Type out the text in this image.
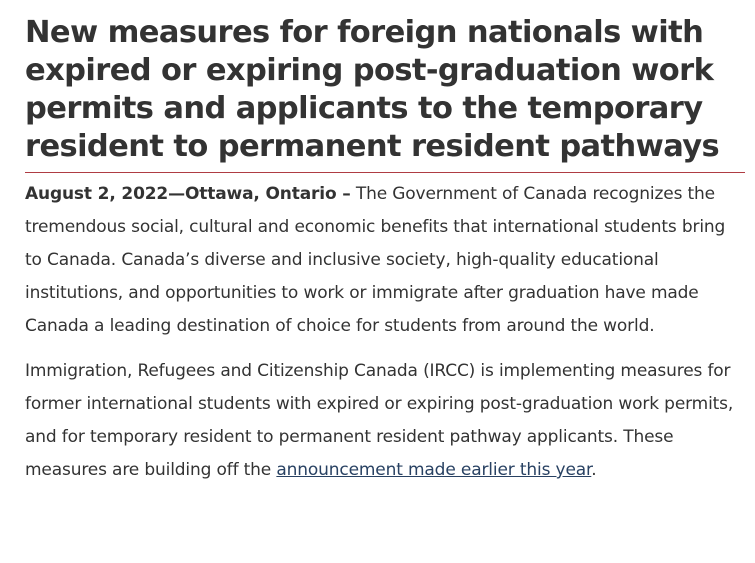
New measures for foreign nationals with expired or expiring post-graduation work permits and applicants to the temporary resident to permanent resident pathways

August 2, 2022—Ottawa, Ontario – The Government of Canada recognizes the tremendous social, cultural and economic benefits that international students bring to Canada. Canada’s diverse and inclusive society, high-quality educational institutions, and opportunities to work or immigrate after graduation have made Canada a leading destination of choice for students from around the world.

Immigration, Refugees and Citizenship Canada (IRCC) is implementing measures for former international students with expired or expiring post-graduation work permits, and for temporary resident to permanent resident pathway applicants. These measures are building off the announcement made earlier this year.
